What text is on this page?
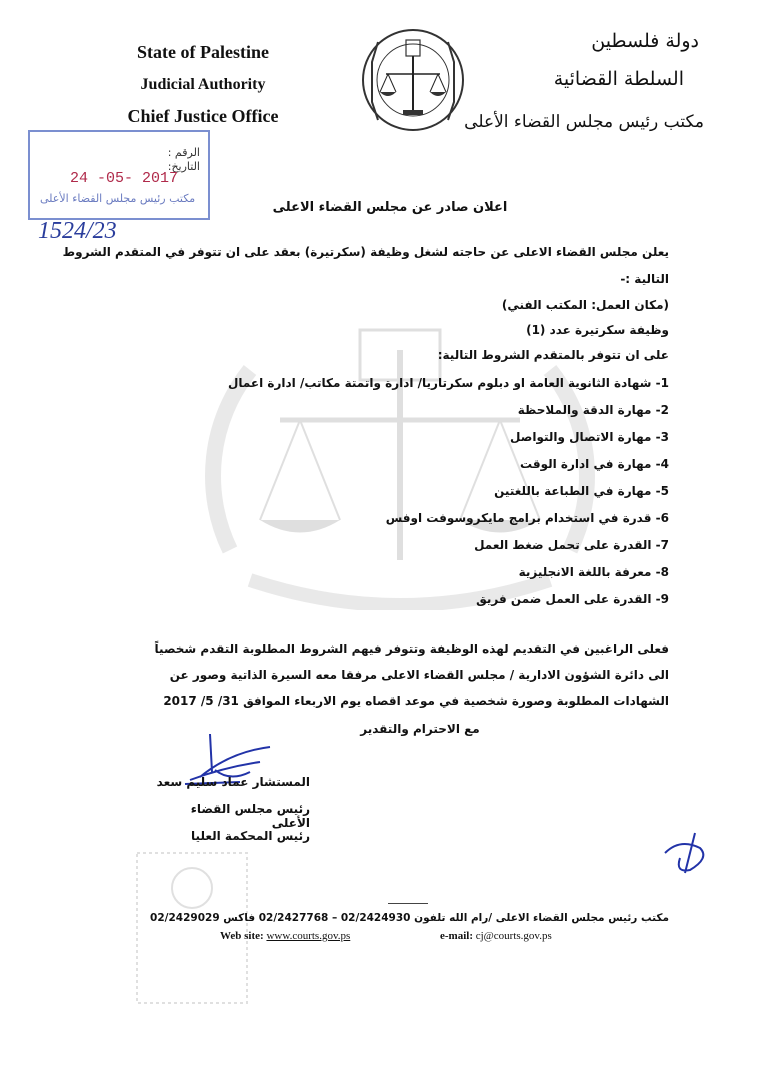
State of Palestine
Judicial Authority
Chief Justice Office
دولة فلسطين
السلطة القضائية
مكتب رئيس مجلس القضاء الأعلى
الرقم :
التاريخ:
24 -05- 2017
مكتب رئيس مجلس القضاء الأعلى
1524/23
اعلان صادر عن مجلس القضاء الاعلى
يعلن مجلس القضاء الاعلى عن حاجته لشغل وظيفة (سكرتيرة) بعقد على ان تتوفر في المتقدم الشروط
التالية :-
(مكان العمل: المكتب الفني)
وظيفة سكرتيرة عدد (1)
على ان تتوفر بالمتقدم الشروط التالية:
1- شهادة الثانوية العامة او دبلوم سكرتاريا/ ادارة واتمتة مكاتب/ ادارة اعمال
2- مهارة الدقة والملاحظة
3- مهارة الاتصال والتواصل
4- مهارة في ادارة الوقت
5- مهارة في الطباعة باللغتين
6- قدرة في استخدام برامج مايكروسوفت اوفس
7- القدرة على تحمل ضغط العمل
8- معرفة باللغة الانجليزية
9- القدرة على العمل ضمن فريق
فعلى الراغبين في التقديم لهذه الوظيفة وتتوفر فيهم الشروط المطلوبة التقدم شخصياً
الى دائرة الشؤون الادارية / مجلس القضاء الاعلى مرفقا معه السيرة الذاتية وصور عن
الشهادات المطلوبة وصورة شخصية في موعد اقصاه يوم الاربعاء الموافق 31/ 5/ 2017
مع الاحترام والتقدير
المستشار عماد سليم سعد
رئيس مجلس القضاء الأعلى
رئيس المحكمة العليا
مكتب رئيس مجلس القضاء الاعلى /رام الله تلفون 02/2424930 – 02/2427768 فاكس 02/2429029
Web site: www.courts.gov.ps	e-mail: cj@courts.gov.ps
